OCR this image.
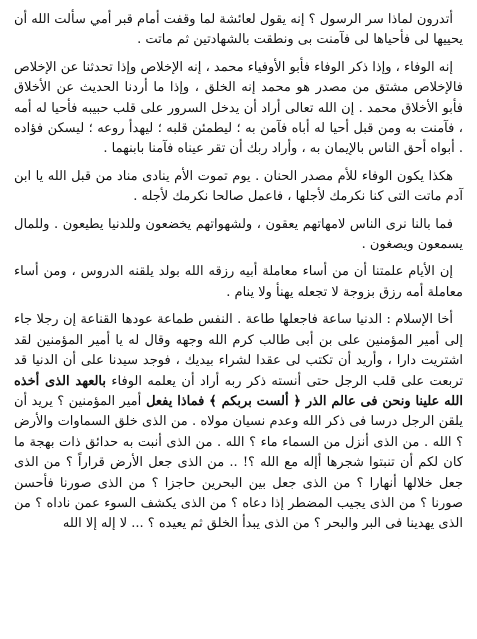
أتدرون لماذا سر الرسول ؟ إنه يقول لعائشة لما وقفت أمام قبر أمي سألت الله أن يحييها لى فأحياها لى فآمنت بى ونطقت بالشهادتين ثم ماتت .

إنه الوفاء ، وإذا ذكر الوفاء فأبو الأوفياء محمد ، إنه الإخلاص وإذا تحدثنا عن الإخلاص فالإخلاص مشتق من مصدر هو محمد إنه الخلق ، وإذا ما أردنا الحديث عن الأخلاق فأبو الأخلاق محمد . إن الله تعالى أراد أن يدخل السرور على قلب حبيبه فأحيا له أمه ، فآمنت به ومن قبل أحيا له أباه فآمن به ؛ ليطمئن قلبه ؛ ليهدأ روعه ؛ ليسكن فؤاده . أبواه أحق الناس بالإيمان به ، وأراد ربك أن تقر عيناه فآمنا بابنهما .

هكذا يكون الوفاء للأم مصدر الحنان . يوم تموت الأم ينادى مناد من قبل الله يا ابن آدم ماتت التى كنا نكرمك لأجلها ، فاعمل صالحا نكرمك لأجله .

فما بالنا نرى الناس لامهاتهم يعقون ، ولشهواتهم يخضعون وللدنيا يطيعون . وللمال يسمعون ويصغون .

إن الأيام علمتنا أن من أساء معاملة أبيه رزقه الله بولد يلقنه الدروس ، ومن أساء معاملة أمه رزق بزوجة لا تجعله يهنأ ولا ينام .

أخا الإسلام : الدنيا ساعة فاجعلها طاعة . النفس طماعة عودها القناعة إن رجلا جاء إلى أمير المؤمنين على بن أبى طالب كرم الله وجهه وقال له يا أمير المؤمنين لقد اشتريت دارا ، وأريد أن تكتب لى عقدا لشراء بيديك ، فوجد سيدنا على أن الدنيا قد تربعت على قلب الرجل حتى أنسته ذكر ربه أراد أن يعلمه الوفاء بالعهد الذى أخذه الله علينا ونحن فى عالم الذر ﴿ ألست بربكم ﴾ فماذا يفعل أمير المؤمنين ؟ يريد أن يلقن الرجل درسا فى ذكر الله وعدم نسيان مولاه . من الذى خلق السماوات والأرض ؟ الله . من الذى أنزل من السماء ماء ؟ الله . من الذى أنبت به حدائق ذات بهجة ما كان لكم أن تنبتوا شجرها أإله مع الله ؟! .. من الذى جعل الأرض قراراً ؟ من الذى جعل خلالها أنهارا ؟ من الذى جعل بين البحرين حاجزا ؟ من الذى صورنا فأحسن صورنا ؟ من الذى يجيب المضطر إذا دعاه ؟ من الذى يكشف السوء عمن ناداه ؟ من الذى يهدينا فى البر والبحر ؟ من الذى يبدأ الخلق ثم يعيده ؟ ... لا إله إلا الله
